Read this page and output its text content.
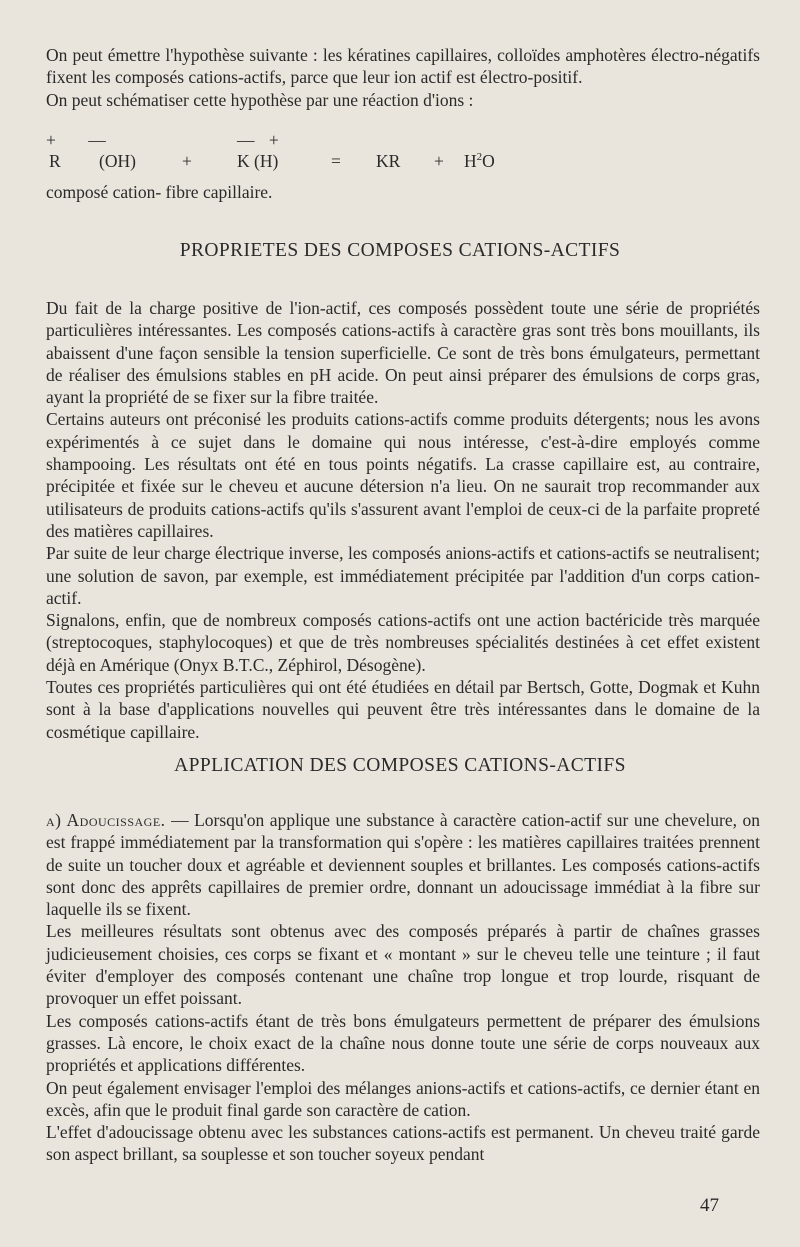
On peut émettre l'hypothèse suivante : les kératines capillaires, colloïdes amphotères électro-négatifs fixent les composés cations-actifs, parce que leur ion actif est électro-positif.

On peut schématiser cette hypothèse par une réaction d'ions :

+ —	— +
R (OH)	+	K (H)	= KR + $H^2O$
composé cation- fibre capillaire.
PROPRIETES DES COMPOSES CATIONS-ACTIFS

Du fait de la charge positive de l'ion-actif, ces composés possèdent toute une série de propriétés particulières intéressantes. Les composés cations-actifs à caractère gras sont très bons mouillants, ils abaissent d'une façon sensible la tension superficielle. Ce sont de très bons émulgateurs, permettant de réaliser des émulsions stables en pH acide. On peut ainsi préparer des émulsions de corps gras, ayant la propriété de se fixer sur la fibre traitée.

Certains auteurs ont préconisé les produits cations-actifs comme produits détergents; nous les avons expérimentés à ce sujet dans le domaine qui nous intéresse, c'est-à-dire employés comme shampooing. Les résultats ont été en tous points négatifs. La crasse capillaire est, au contraire, précipitée et fixée sur le cheveu et aucune détersion n'a lieu. On ne saurait trop recommander aux utilisateurs de produits cations-actifs qu'ils s'assurent avant l'emploi de ceux-ci de la parfaite propreté des matières capillaires.

Par suite de leur charge électrique inverse, les composés anions-actifs et cations-actifs se neutralisent; une solution de savon, par exemple, est immédiatement précipitée par l'addition d'un corps cation-actif.

Signalons, enfin, que de nombreux composés cations-actifs ont une action bactéricide très marquée (streptocoques, staphylocoques) et que de très nombreuses spécialités destinées à cet effet existent déjà en Amérique (Onyx B.T.C., Zéphirol, Désogène).

Toutes ces propriétés particulières qui ont été étudiées en détail par Bertsch, Gotte, Dogmak et Kuhn sont à la base d'applications nouvelles qui peuvent être très intéressantes dans le domaine de la cosmétique capillaire.

APPLICATION DES COMPOSES CATIONS-ACTIFS

a) Adoucissage. — Lorsqu'on applique une substance à caractère cation-actif sur une chevelure, on est frappé immédiatement par la transformation qui s'opère : les matières capillaires traitées prennent de suite un toucher doux et agréable et deviennent souples et brillantes. Les composés cations-actifs sont donc des apprêts capillaires de premier ordre, donnant un adoucissage immédiat à la fibre sur laquelle ils se fixent.

Les meilleures résultats sont obtenus avec des composés préparés à partir de chaînes grasses judicieusement choisies, ces corps se fixant et « montant » sur le cheveu telle une teinture ; il faut éviter d'employer des composés contenant une chaîne trop longue et trop lourde, risquant de provoquer un effet poissant.

Les composés cations-actifs étant de très bons émulgateurs permettent de préparer des émulsions grasses. Là encore, le choix exact de la chaîne nous donne toute une série de corps nouveaux aux propriétés et applications différentes.

On peut également envisager l'emploi des mélanges anions-actifs et cations-actifs, ce dernier étant en excès, afin que le produit final garde son caractère de cation.

L'effet d'adoucissage obtenu avec les substances cations-actifs est permanent. Un cheveu traité garde son aspect brillant, sa souplesse et son toucher soyeux pendant

47
